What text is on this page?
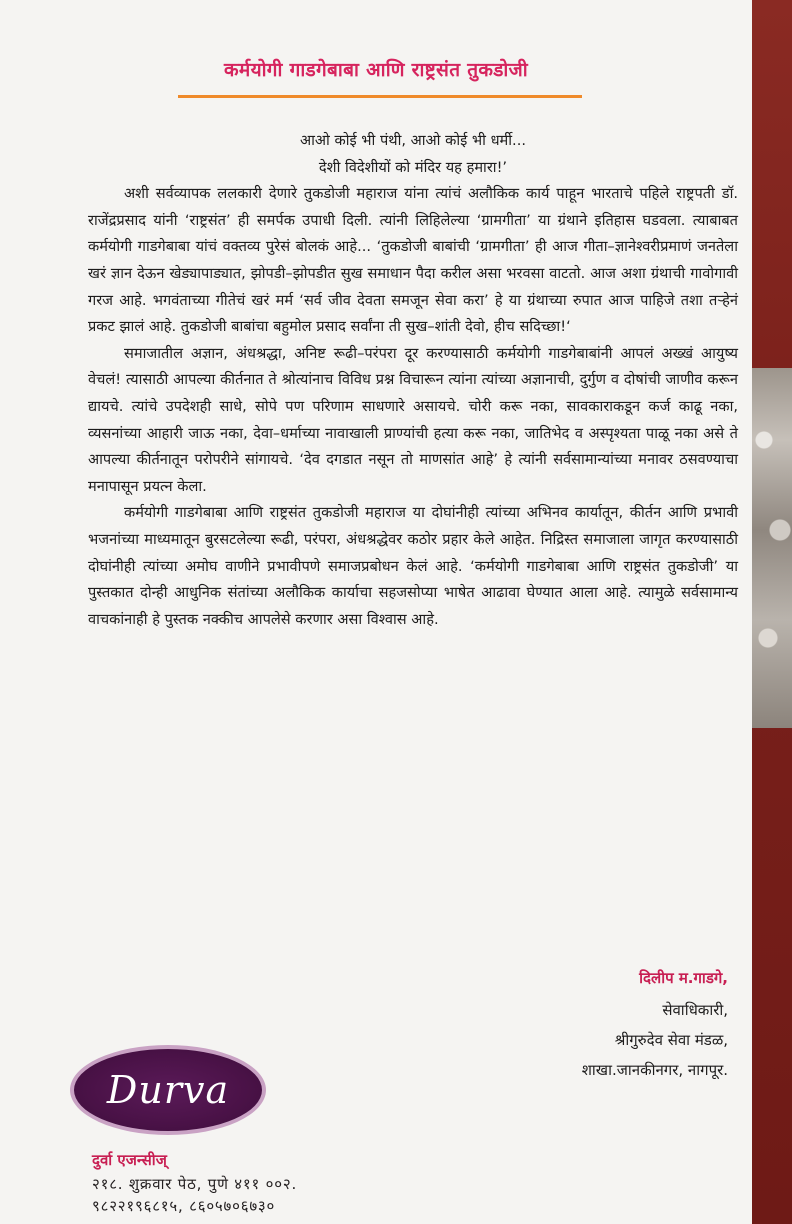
कर्मयोगी गाडगेबाबा आणि राष्ट्रसंत तुकडोजी

आओ कोई भी पंथी, आओ कोई भी धर्मी...

देशी विदेशीयों को मंदिर यह हमारा!’

अशी सर्वव्यापक ललकारी देणारे तुकडोजी महाराज यांना त्यांचं अलौकिक कार्य पाहून भारताचे पहिले राष्ट्रपती डॉ. राजेंद्रप्रसाद यांनी ‘राष्ट्रसंत’ ही समर्पक उपाधी दिली. त्यांनी लिहिलेल्या ‘ग्रामगीता’ या ग्रंथाने इतिहास घडवला. त्याबाबत कर्मयोगी गाडगेबाबा यांचं वक्तव्य पुरेसं बोलकं आहे... ‘तुकडोजी बाबांची ‘ग्रामगीता’ ही आज गीता–ज्ञानेश्वरीप्रमाणं जनतेला खरं ज्ञान देऊन खेड्यापाड्यात, झोपडी–झोपडीत सुख समाधान पैदा करील असा भरवसा वाटतो. आज अशा ग्रंथाची गावोगावी गरज आहे. भगवंताच्या गीतेचं खरं मर्म ‘सर्व जीव देवता समजून सेवा करा’ हे या ग्रंथाच्या रुपात आज पाहिजे तशा तऱ्हेनं प्रकट झालं आहे. तुकडोजी बाबांचा बहुमोल प्रसाद सर्वांना ती सुख–शांती देवो, हीच सदिच्छा!‘

समाजातील अज्ञान, अंधश्रद्धा, अनिष्ट रूढी–परंपरा दूर करण्यासाठी कर्मयोगी गाडगेबाबांनी आपलं अख्खं आयुष्य वेचलं! त्यासाठी आपल्या कीर्तनात ते श्रोत्यांनाच विविध प्रश्न विचारून त्यांना त्यांच्या अज्ञानाची, दुर्गुण व दोषांची जाणीव करून द्यायचे. त्यांचे उपदेशही साधे, सोपे पण परिणाम साधणारे असायचे. चोरी करू नका, सावकाराकडून कर्ज काढू नका, व्यसनांच्या आहारी जाऊ नका, देवा–धर्माच्या नावाखाली प्राण्यांची हत्या करू नका, जातिभेद व अस्पृश्यता पाळू नका असे ते आपल्या कीर्तनातून परोपरीने सांगायचे. ‘देव दगडात नसून तो माणसांत आहे’ हे त्यांनी सर्वसामान्यांच्या मनावर ठसवण्याचा मनापासून प्रयत्न केला.

कर्मयोगी गाडगेबाबा आणि राष्ट्रसंत तुकडोजी महाराज या दोघांनीही त्यांच्या अभिनव कार्यातून, कीर्तन आणि प्रभावी भजनांच्या माध्यमातून बुरसटलेल्या रूढी, परंपरा, अंधश्रद्धेवर कठोर प्रहार केले आहेत. निद्रिस्त समाजाला जागृत करण्यासाठी दोघांनीही त्यांच्या अमोघ वाणीने प्रभावीपणे समाजप्रबोधन केलं आहे. ‘कर्मयोगी गाडगेबाबा आणि राष्ट्रसंत तुकडोजी’ या पुस्तकात दोन्ही आधुनिक संतांच्या अलौकिक कार्याचा सहजसोप्या भाषेत आढावा घेण्यात आला आहे. त्यामुळे सर्वसामान्य वाचकांनाही हे पुस्तक नक्कीच आपलेसे करणार असा विश्वास आहे.

दिलीप म.गाडगे,
सेवाधिकारी,
श्रीगुरुदेव सेवा मंडळ,
शाखा.जानकीनगर, नागपूर.
Durva
दुर्वा एजन्सीज्
२१८. शुक्रवार पेठ, पुणे ४११ ००२.
९८२२१९६८१५, ८६०५७०६७३०
